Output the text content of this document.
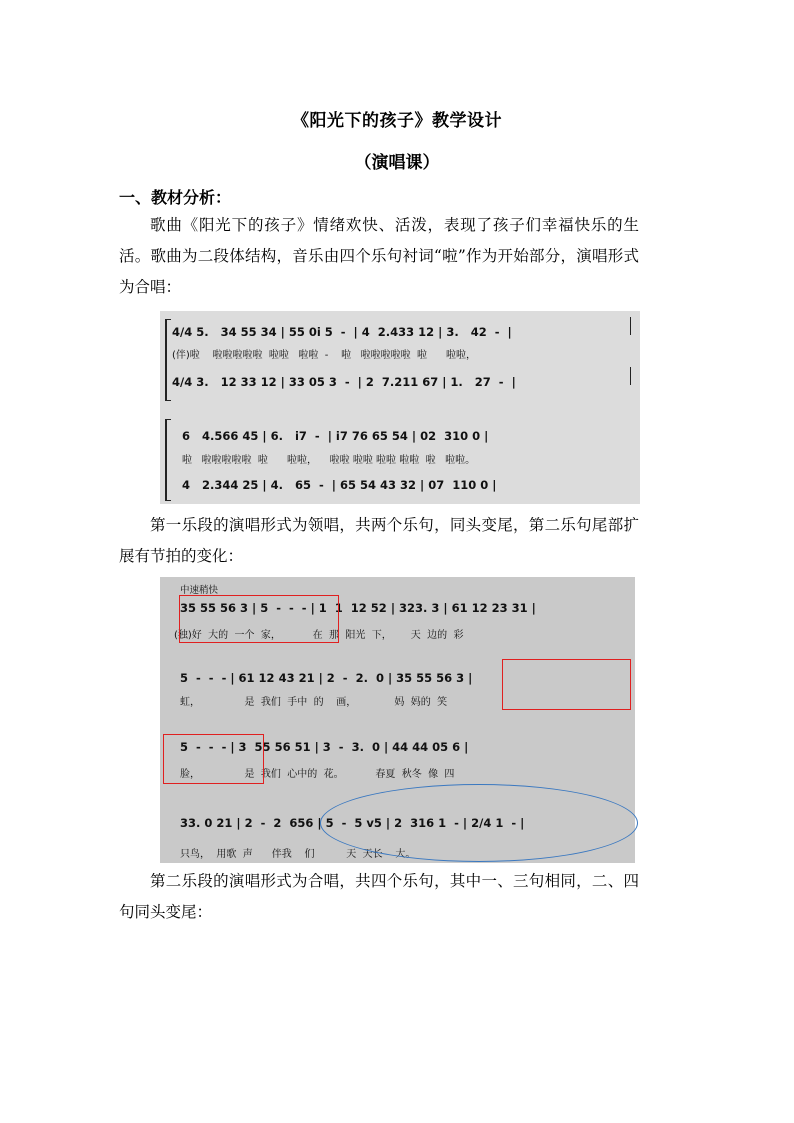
《阳光下的孩子》教学设计
（演唱课）
一、教材分析：
歌曲《阳光下的孩子》情绪欢快、活泼，表现了孩子们幸福快乐的生活。歌曲为二段体结构，音乐由四个乐句衬词“啦”作为开始部分，演唱形式为合唱：
4/4 5.   34 55 34 | 55 0i 5  -  | 4  2.433 12 | 3.   42  -  |
(伴)啦    啦啦啦啦啦  啦啦   啦啦  -    啦   啦啦啦啦啦  啦      啦啦，
4/4 3.   12 33 12 | 33 05 3  -  | 2  7.211 67 | 1.   27  -  |
6   4.566 45 | 6.   i7  -  | i7 76 65 54 | 02  310 0 |
啦   啦啦啦啦啦  啦      啦啦，    啦啦 啦啦 啦啦 啦啦  啦   啦啦。
4   2.344 25 | 4.   65  -  | 65 54 43 32 | 07  110 0 |
第一乐段的演唱形式为领唱，共两个乐句，同头变尾，第二乐句尾部扩展有节拍的变化：
中速稍快
35 55 56 3 | 5  -  -  - | 1  1  12 52 | 323. 3 | 61 12 23 31 |
(独)好  大的  一个  家，          在  那  阳光  下，      天  边的  彩
5  -  -  - | 61 12 43 21 | 2  -  2.  0 | 35 55 56 3 |
虹，              是  我们  手中  的    画，            妈  妈的  笑
5  -  -  - | 3  55 56 51 | 3  -  3.  0 | 44 44 05 6 |
脸，              是  我们  心中的  花。          春夏  秋冬  像  四
33. 0 21 | 2  -  2  656 | 5  -  5 v5 | 2  316 1  - | 2/4 1  - |
只鸟，  用歌  声      伴我    们          天  天长    大。
第二乐段的演唱形式为合唱，共四个乐句，其中一、三句相同，二、四句同头变尾：
